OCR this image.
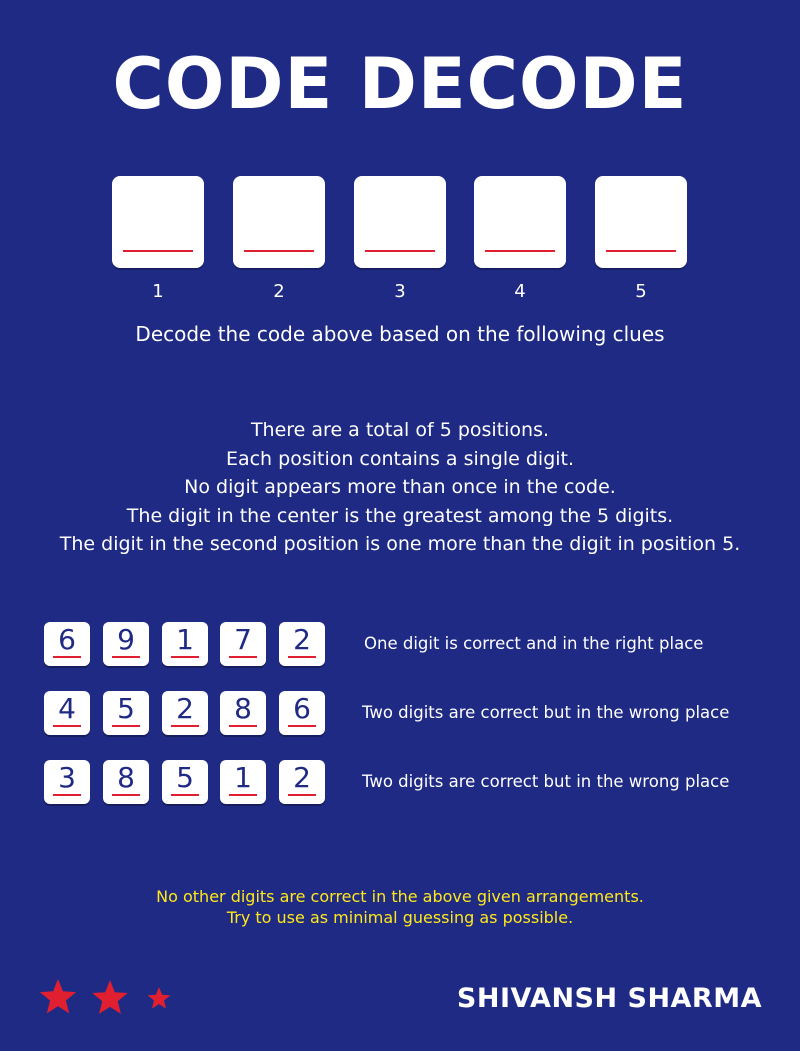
CODE DECODE
1	2	3	4	5
Decode the code above based on the following clues
There are a total of 5 positions.
Each position contains a single digit.
No digit appears more than once in the code.
The digit in the center is the greatest among the 5 digits.
The digit in the second position is one more than the digit in position 5.
6	9	1	7	2	One digit is correct and in the right place
4	5	2	8	6	Two digits are correct but in the wrong place
3	8	5	1	2	Two digits are correct but in the wrong place
No other digits are correct in the above given arrangements.
Try to use as minimal guessing as possible.
SHIVANSH SHARMA
